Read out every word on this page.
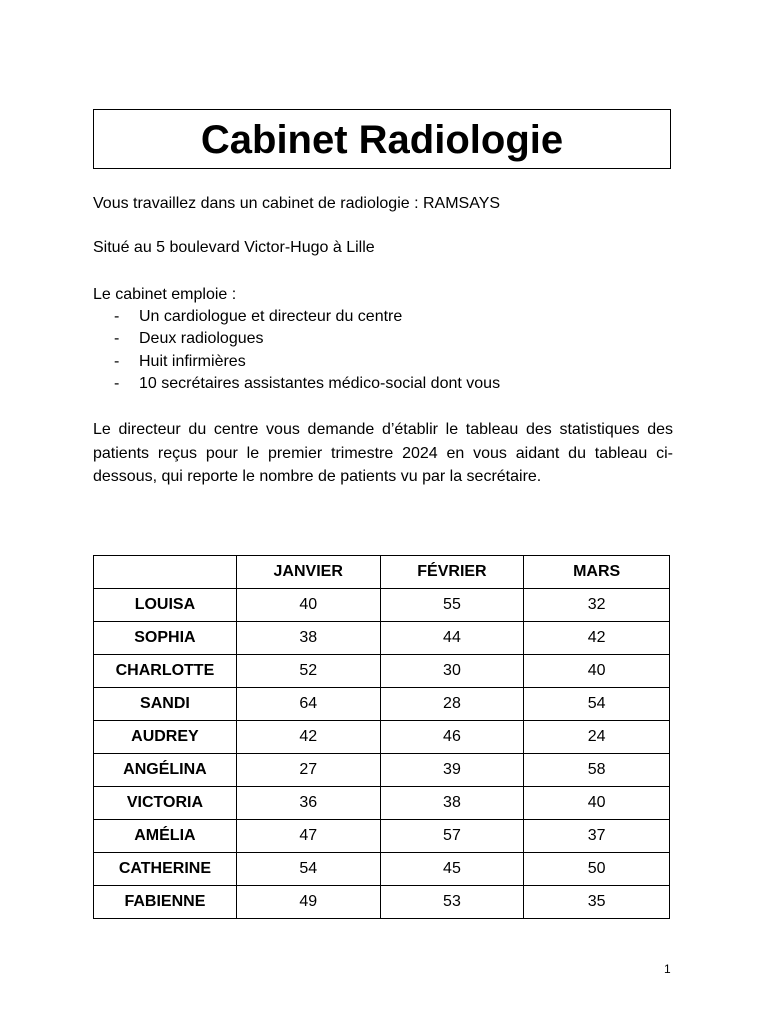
Cabinet Radiologie

Vous travaillez dans un cabinet de radiologie : RAMSAYS

Situé au 5 boulevard Victor-Hugo à Lille

Le cabinet emploie :

- Un cardiologue et directeur du centre
- Deux radiologues
- Huit infirmières
- 10 secrétaires assistantes médico-social dont vous

Le directeur du centre vous demande d’établir le tableau des statistiques des patients reçus pour le premier trimestre 2024 en vous aidant du tableau ci-dessous, qui reporte le nombre de patients vu par la secrétaire.

	JANVIER	FÉVRIER	MARS
LOUISA	40	55	32
SOPHIA	38	44	42
CHARLOTTE	52	30	40
SANDI	64	28	54
AUDREY	42	46	24
ANGÉLINA	27	39	58
VICTORIA	36	38	40
AMÉLIA	47	57	37
CATHERINE	54	45	50
FABIENNE	49	53	35
1
